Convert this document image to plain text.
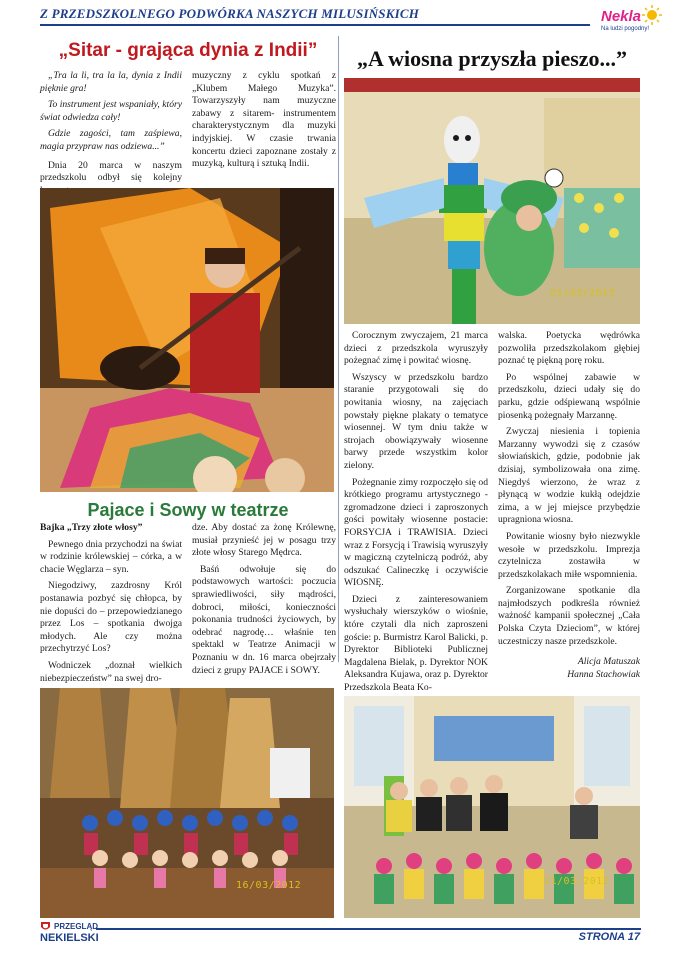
Z PRZEDSZKOLNEGO PODWÓRKA NASZYCH MILUSIŃSKICH	Nekla
Na ludzi pogodny!
„Sitar - grająca dynia z Indii”

„Tra la li, tra la la, dynia z Indii pięknie gra!

To instrument jest wspaniały, który świat odwiedza cały!

Gdzie zagości, tam zaśpiewa, magia przypraw nas odziewa...”

Dnia 20 marca w naszym przedszkolu odbył się kolejny

muzyczny z cyklu spotkań z „Klubem Małego Muzyka”. Towarzyszyły nam muzyczne zabawy z sitarem- instrumentem charakterystycznym dla muzyki indyjskiej. W czasie trwania koncertu dzieci zapoznane zostały z muzyką, kulturą i sztuką Indii.

Pajace i Sowy w teatrze

Bajka „Trzy złote włosy”

Pewnego dnia przychodzi na świat w rodzinie królewskiej – córka, a w chacie Węglarza – syn.

Niegodziwy, zazdrosny Król postanawia pozbyć się chłopca, by nie dopuści do – przepowiedzianego przez Los – spotkania dwojga młodych. Ale czy można przechytrzyć Los?

Wodniczek „doznał wielkich niebezpieczeństw” na swej dro-

dze. Aby dostać za żonę Królewnę, musiał przynieść jej w posagu trzy złote włosy Starego Mędrca.

Baśń odwołuje się do podstawowych wartości: poczucia sprawiedliwości, siły mądrości, dobroci, miłości, konieczności pokonania trudności życiowych, by odebrać nagrodę… właśnie ten spektakl w Teatrze Animacji w Poznaniu w dn. 16 marca obejrzały dzieci z grupy PAJACE i SOWY.

16/03/2012
„A wiosna przyszła pieszo...”
21/03/2012

Corocznym zwyczajem, 21 marca dzieci z przedszkola wyruszyły pożegnać zimę i powitać wiosnę.

Wszyscy w przedszkolu bardzo staranie przygotowali się do powitania wiosny, na zajęciach powstały piękne plakaty o tematyce wiosennej. W tym dniu także w strojach obowiązywały wiosenne barwy przede wszystkim kolor zielony.

Pożegnanie zimy rozpoczęło się od krótkiego programu artystycznego - zgromadzone dzieci i zaproszonych gości powitały wiosenne postacie: FORSYCJA i TRAWISIA. Dzieci wraz z Forsycją i Trawisią wyruszyły w magiczną czytelniczą podróż, aby odszukać Calineczkę i oczywiście WIOSNĘ.

Dzieci z zainteresowaniem wysłuchały wierszyków o wiośnie, które czytali dla nich zaproszeni goście: p. Burmistrz Karol Balicki, p. Dyrektor Biblioteki Publicznej Magdalena Bielak, p. Dyrektor NOK Aleksandra Kujawa, oraz p. Dyrektor Przedszkola Beata Ko-

walska. Poetycka wędrówka pozwoliła przedszkolakom głębiej poznać tę piękną porę roku.

Po wspólnej zabawie w przedszkolu, dzieci udały się do parku, gdzie odśpiewaną wspólnie piosenką pożegnały Marzannę.

Zwyczaj niesienia i topienia Marzanny wywodzi się z czasów słowiańskich, gdzie, podobnie jak dzisiaj, symbolizowała ona zimę. Niegdyś wierzono, że wraz z płynącą w wodzie kukłą odejdzie zima, a w jej miejsce przybędzie upragniona wiosna.

Powitanie wiosny było niezwykle wesołe w przedszkolu. Imprezja czytelnicza zostawiła w przedszkolakach miłe wspomnienia.

Zorganizowane spotkanie dla najmłodszych podkreśla również ważność kampanii społecznej „Cała Polska Czyta Dzieciom”, w której uczestniczy nasze przedszkole.

Alicja Matuszak

Hanna Stachowiak

21/03/2012
PRZEGLĄD
NEKIELSKI	STRONA 17
